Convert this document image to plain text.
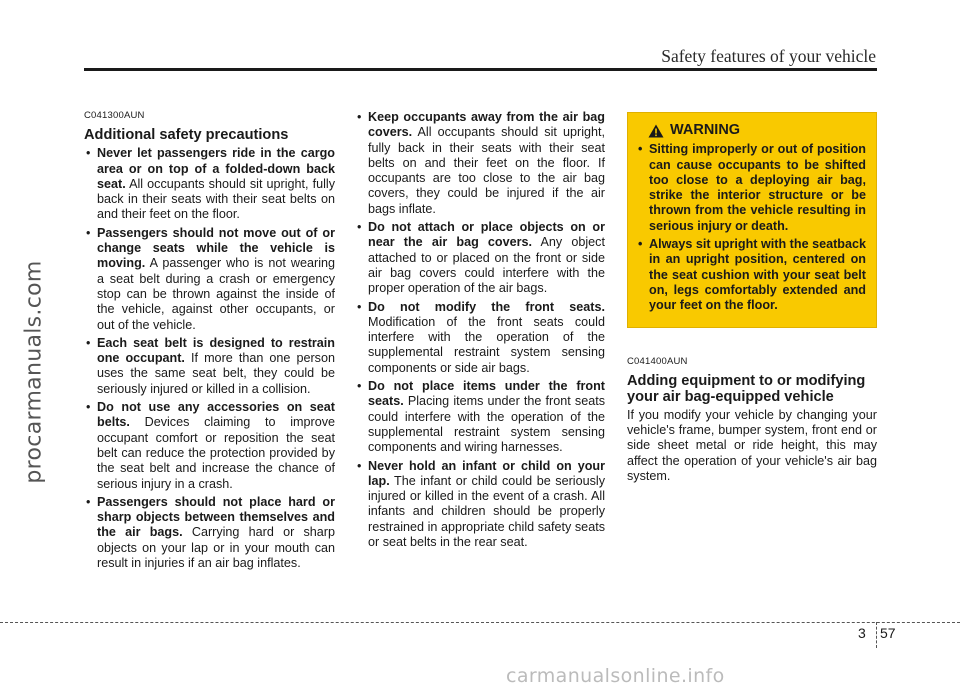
Safety features of your vehicle
procarmanuals.com
C041300AUN
Additional safety precautions
• Never let passengers ride in the cargo area or on top of a folded-down back seat. All occupants should sit upright, fully back in their seats with their seat belts on and their feet on the floor.
• Passengers should not move out of or change seats while the vehicle is moving. A passenger who is not wearing a seat belt during a crash or emergency stop can be thrown against the inside of the vehicle, against other occupants, or out of the vehicle.
• Each seat belt is designed to restrain one occupant. If more than one person uses the same seat belt, they could be seriously injured or killed in a collision.
• Do not use any accessories on seat belts. Devices claiming to improve occupant comfort or reposition the seat belt can reduce the protection provided by the seat belt and increase the chance of serious injury in a crash.
• Passengers should not place hard or sharp objects between themselves and the air bags. Carrying hard or sharp objects on your lap or in your mouth can result in injuries if an air bag inflates.
• Keep occupants away from the air bag covers. All occupants should sit upright, fully back in their seats with their seat belts on and their feet on the floor. If occupants are too close to the air bag covers, they could be injured if the air bags inflate.
• Do not attach or place objects on or near the air bag covers. Any object attached to or placed on the front or side air bag covers could interfere with the proper operation of the air bags.
• Do not modify the front seats. Modification of the front seats could interfere with the operation of the supplemental restraint system sensing components or side air bags.
• Do not place items under the front seats. Placing items under the front seats could interfere with the operation of the supplemental restraint system sensing components and wiring harnesses.
• Never hold an infant or child on your lap. The infant or child could be seriously injured or killed in the event of a crash. All infants and children should be properly restrained in appropriate child safety seats or seat belts in the rear seat.
WARNING
• Sitting improperly or out of position can cause occupants to be shifted too close to a deploying air bag, strike the interior structure or be thrown from the vehicle resulting in serious injury or death.
• Always sit upright with the seatback in an upright position, centered on the seat cushion with your seat belt on, legs comfortably extended and your feet on the floor.
C041400AUN
Adding equipment to or modifying your air bag-equipped vehicle

If you modify your vehicle by changing your vehicle's frame, bumper system, front end or side sheet metal or ride height, this may affect the operation of your vehicle's air bag system.

3 57
carmanualsonline.info
